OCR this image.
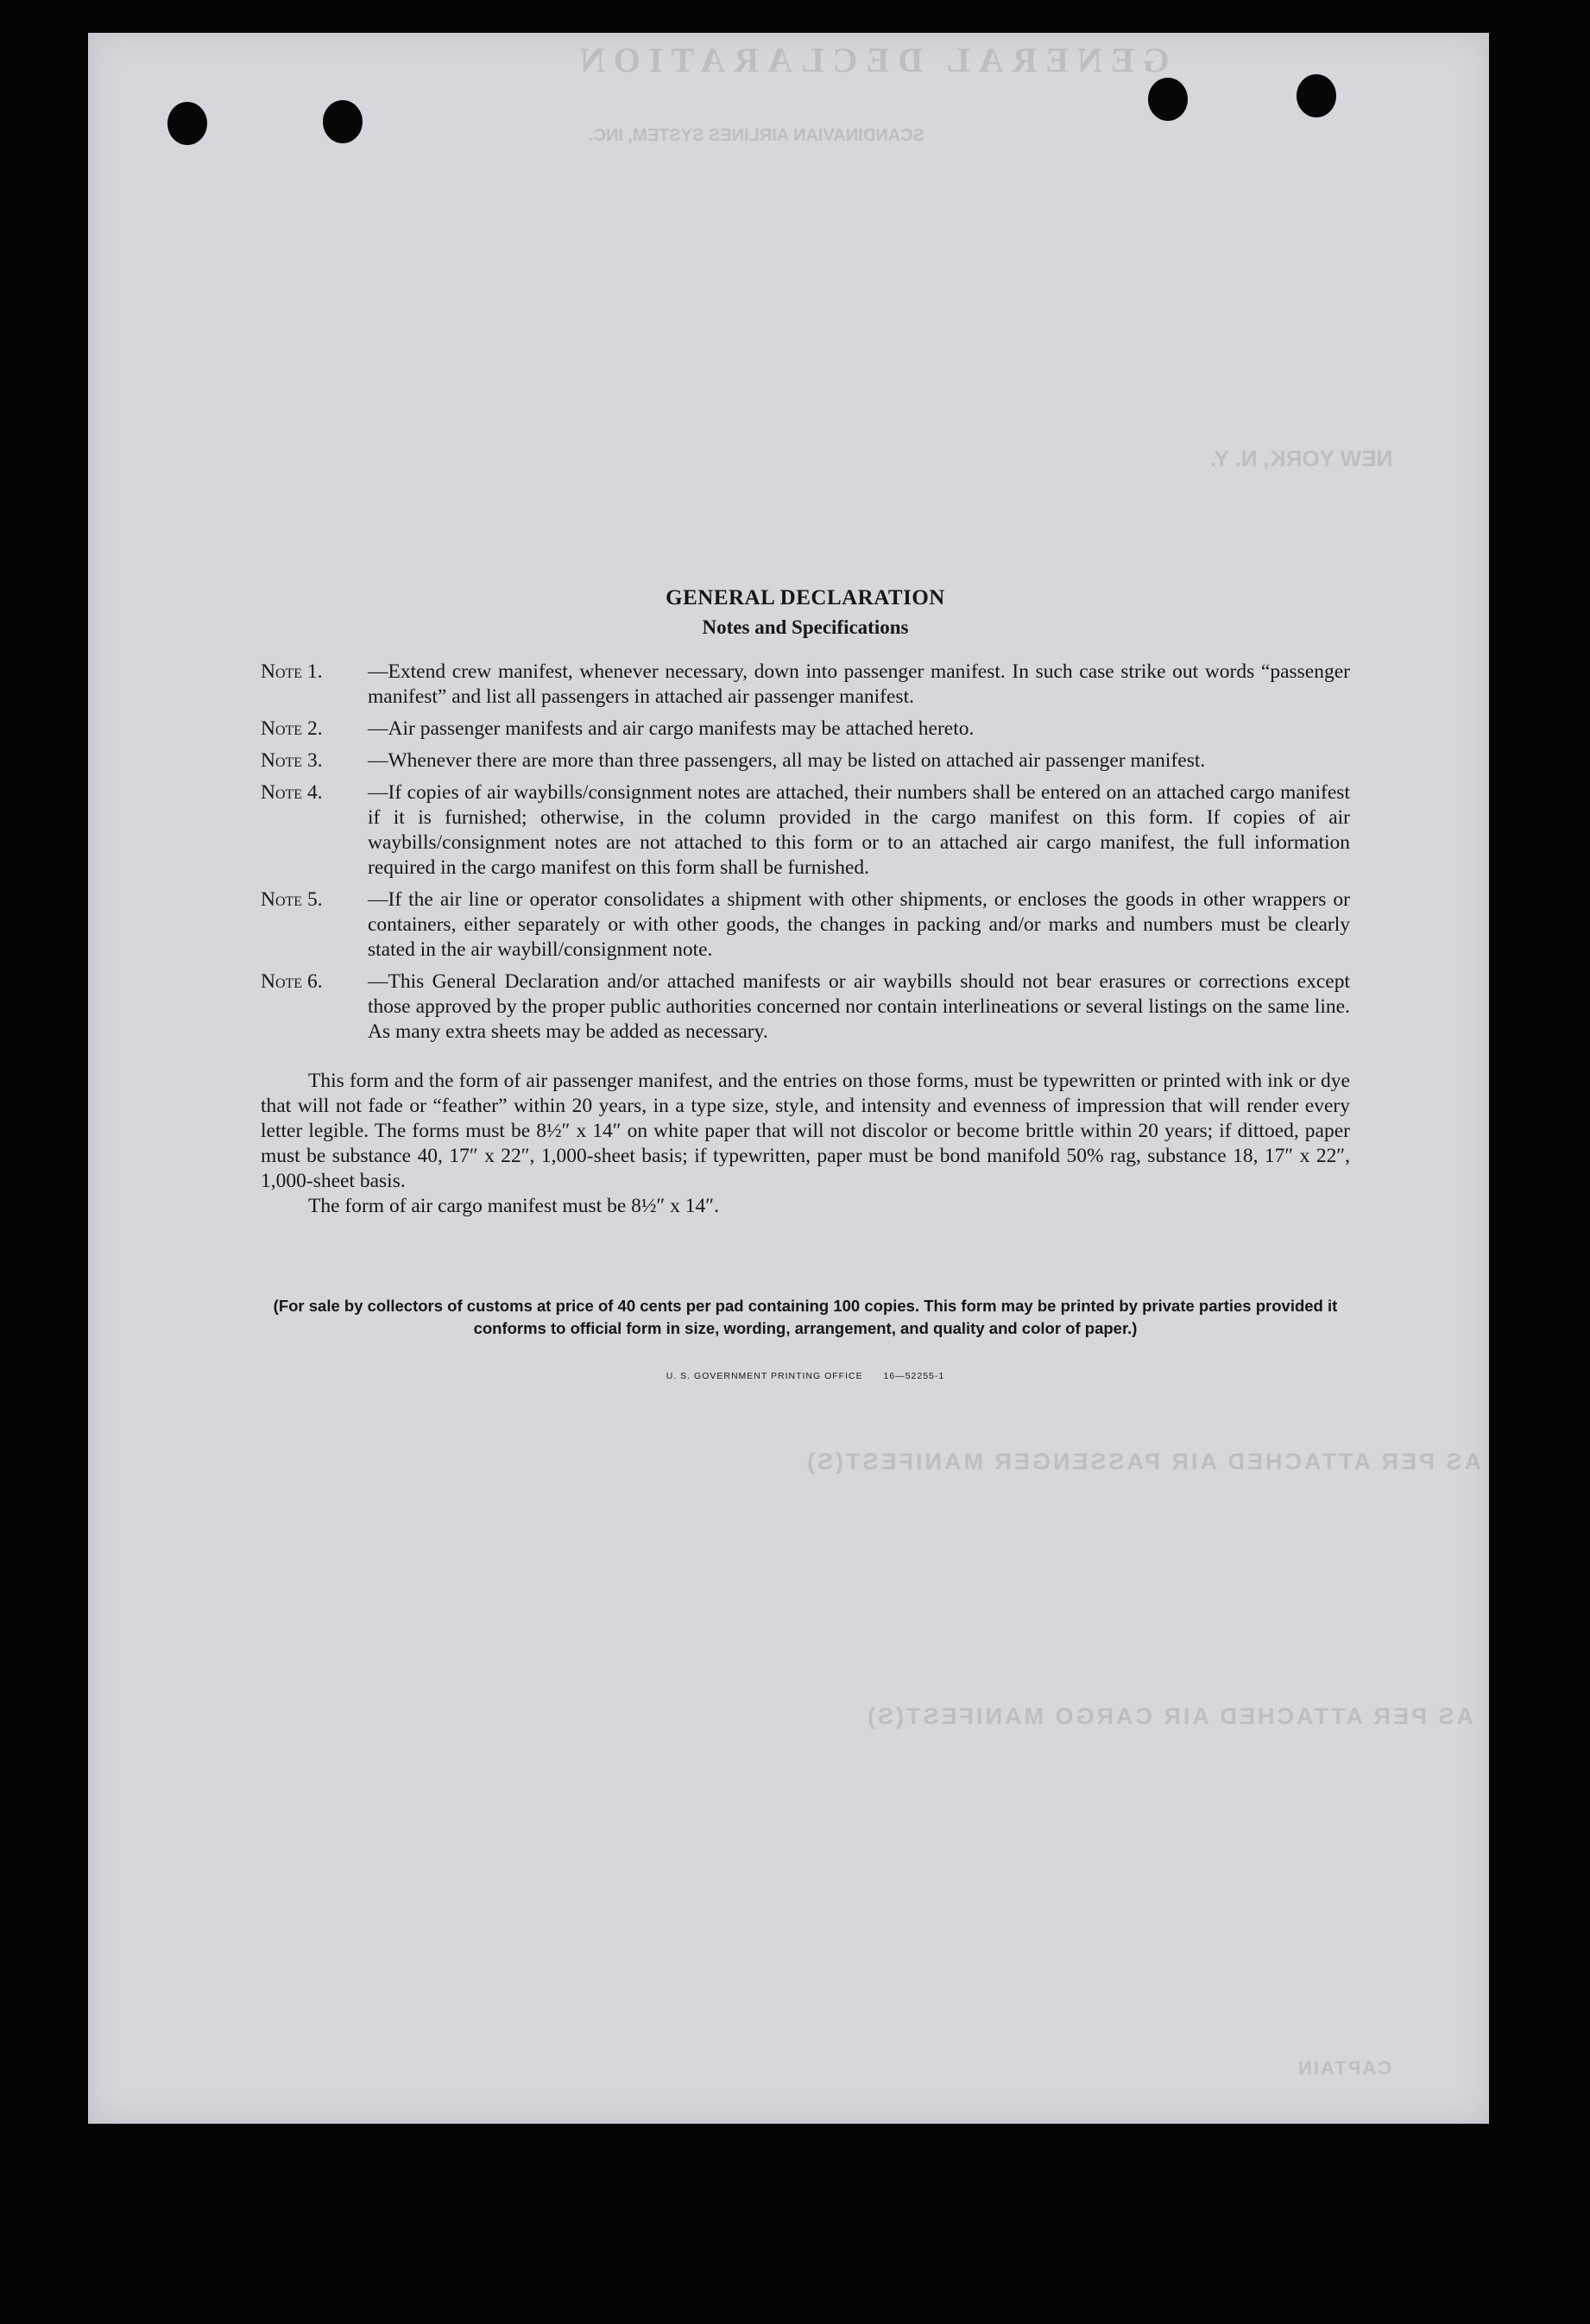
GENERAL DECLARATION
SCANDINAVIAN AIRLINES SYSTEM, INC.
NEW YORK, N. Y.
AS PER ATTACHED AIR PASSENGER MANIFEST(S)
AS PER ATTACHED AIR CARGO MANIFEST(S)
CAPTAIN

GENERAL DECLARATION

Notes and Specifications

Note 1.	—Extend crew manifest, whenever necessary, down into passenger manifest. In such case strike out words “passenger manifest” and list all passengers in attached air passenger manifest.
Note 2.	—Air passenger manifests and air cargo manifests may be attached hereto.
Note 3.	—Whenever there are more than three passengers, all may be listed on attached air passenger manifest.
Note 4.	—If copies of air waybills/consignment notes are attached, their numbers shall be entered on an attached cargo manifest if it is furnished; otherwise, in the column provided in the cargo manifest on this form. If copies of air waybills/consignment notes are not attached to this form or to an attached air cargo manifest, the full information required in the cargo manifest on this form shall be furnished.
Note 5.	—If the air line or operator consolidates a shipment with other shipments, or encloses the goods in other wrappers or containers, either separately or with other goods, the changes in packing and/or marks and numbers must be clearly stated in the air waybill/consignment note.
Note 6.	—This General Declaration and/or attached manifests or air waybills should not bear erasures or corrections except those approved by the proper public authorities concerned nor contain interlineations or several listings on the same line. As many extra sheets may be added as necessary.
This form and the form of air passenger manifest, and the entries on those forms, must be typewritten or printed with ink or dye that will not fade or “feather” within 20 years, in a type size, style, and intensity and evenness of impression that will render every letter legible. The forms must be 8½″ x 14″ on white paper that will not discolor or become brittle within 20 years; if dittoed, paper must be substance 40, 17″ x 22″, 1,000-sheet basis; if typewritten, paper must be bond manifold 50% rag, substance 18, 17″ x 22″, 1,000-sheet basis.
The form of air cargo manifest must be 8½″ x 14″.
(For sale by collectors of customs at price of 40 cents per pad containing 100 copies. This form may be printed by private parties provided it conforms to official form in size, wording, arrangement, and quality and color of paper.)
U. S. GOVERNMENT PRINTING OFFICE 16—52255-1
